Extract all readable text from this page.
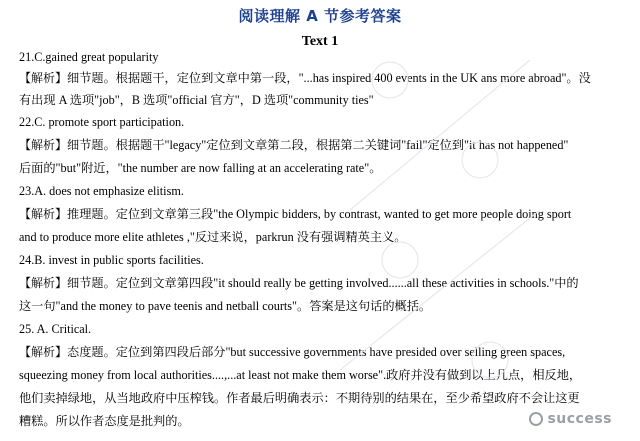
阅读理解 A 节参考答案
Text 1
21.C.gained great popularity
【解析】细节题。根据题干，定位到文章中第一段，"...has inspired 400 events in the UK ans more abroad"。没
有出现 A 选项"job"，B 选项"official 官方"，D 选项"community ties"
22.C. promote sport participation.
【解析】细节题。根据题干"legacy"定位到文章第二段，根据第二关键词"fail"定位到"it has not happened"
后面的"but"附近，"the number are now falling at an accelerating rate"。
23.A. does not emphasize elitism.
【解析】推理题。定位到文章第三段"the Olympic bidders, by contrast, wanted to get more people doing sport
and to produce more elite athletes ,"反过来说，parkrun 没有强调精英主义。
24.B. invest in public sports facilities.
【解析】细节题。定位到文章第四段"it should really be getting involved......all these activities in schools."中的
这一句"and the money to pave teenis and netball courts"。答案是这句话的概括。
25. A. Critical.
【解析】态度题。定位到第四段后部分"but successive governments have presided over selling green spaces,
squeezing money from local authorities....,...at least not make them worse".政府并没有做到以上几点，相反地，
他们卖掉绿地，从当地政府中压榨钱。作者最后明确表示：不期待别的结果在，至少希望政府不会让这更
糟糕。所以作者态度是批判的。	success
